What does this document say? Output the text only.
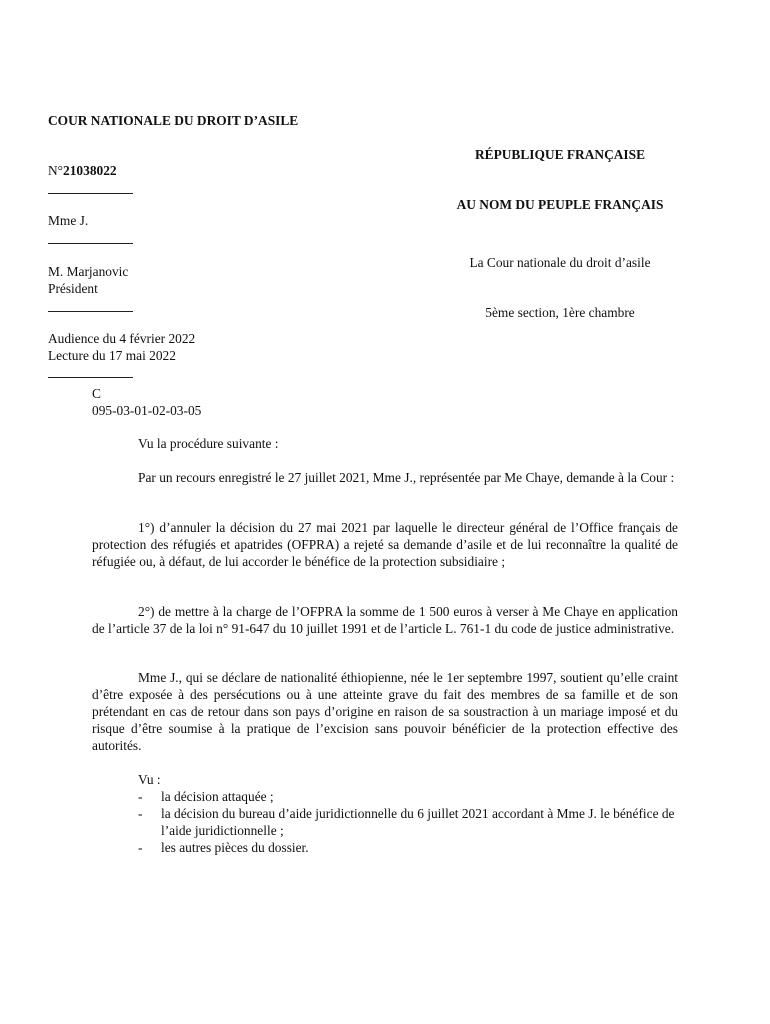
COUR NATIONALE DU DROIT D’ASILE
N°21038022
Mme J.
M. Marjanovic
Président
Audience du 4 février 2022
Lecture du 17 mai 2022
C
095-03-01-02-03-05
RÉPUBLIQUE FRANÇAISE
AU NOM DU PEUPLE FRANÇAIS
La Cour nationale du droit d’asile
5ème section, 1ère chambre
Vu la procédure suivante :
Par un recours enregistré le 27 juillet 2021, Mme J., représentée par Me Chaye, demande à la Cour :
1°) d’annuler la décision du 27 mai 2021 par laquelle le directeur général de l’Office français de protection des réfugiés et apatrides (OFPRA) a rejeté sa demande d’asile et de lui reconnaître la qualité de réfugiée ou, à défaut, de lui accorder le bénéfice de la protection subsidiaire ;
2°) de mettre à la charge de l’OFPRA la somme de 1 500 euros à verser à Me Chaye en application de l’article 37 de la loi n° 91-647 du 10 juillet 1991 et de l’article L. 761-1 du code de justice administrative.
Mme J., qui se déclare de nationalité éthiopienne, née le 1er septembre 1997, soutient qu’elle craint d’être exposée à des persécutions ou à une atteinte grave du fait des membres de sa famille et de son prétendant en cas de retour dans son pays d’origine en raison de sa soustraction à un mariage imposé et du risque d’être soumise à la pratique de l’excision sans pouvoir bénéficier de la protection effective des autorités.
Vu :
- la décision attaquée ;
- la décision du bureau d’aide juridictionnelle du 6 juillet 2021 accordant à Mme J. le bénéfice de l’aide juridictionnelle ;
- les autres pièces du dossier.
